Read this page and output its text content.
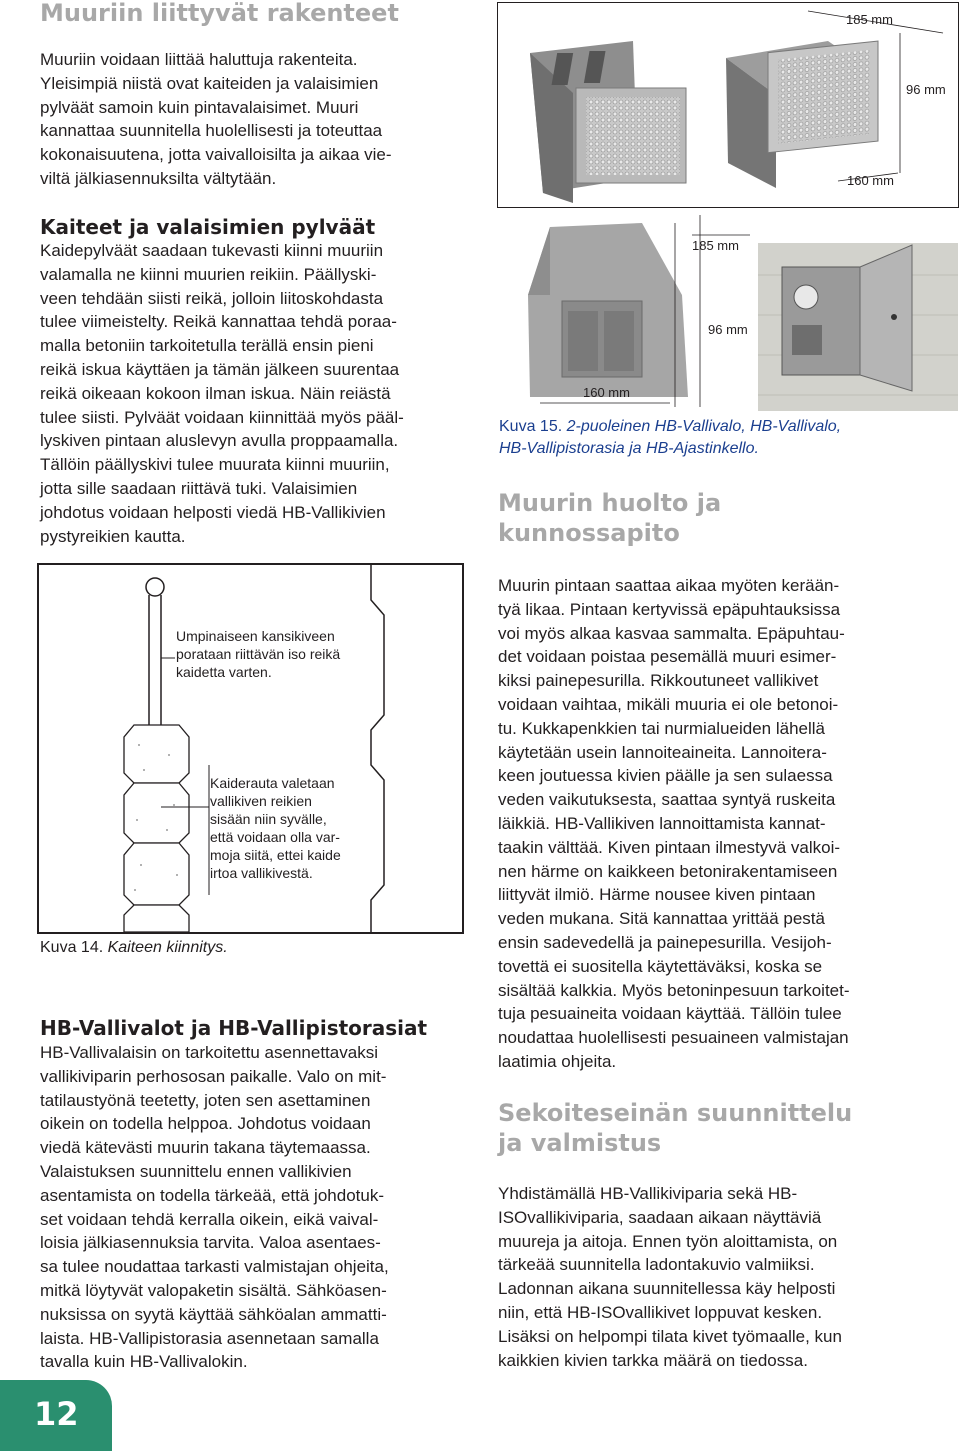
Muuriin liittyvät rakenteet
Muuriin voidaan liittää haluttuja rakenteita.
Yleisimpiä niistä ovat kaiteiden ja valaisimien
pylväät samoin kuin pintavalaisimet. Muuri
kannattaa suunnitella huolellisesti ja toteuttaa
kokonaisuutena, jotta vaivalloisilta ja aikaa vie-
viltä jälkiasennuksilta vältytään.
Kaiteet ja valaisimien pylväät
Kaidepylväät saadaan tukevasti kiinni muuriin
valamalla ne kiinni muurien reikiin. Päällyski-
veen tehdään siisti reikä, jolloin liitoskohdasta
tulee viimeistelty. Reikä kannattaa tehdä poraa-
malla betoniin tarkoitetulla terällä ensin pieni
reikä iskua käyttäen ja tämän jälkeen suurentaa
reikä oikeaan kokoon ilman iskua. Näin reiästä
tulee siisti. Pylväät voidaan kiinnittää myös pääl-
lyskiven pintaan aluslevyn avulla proppaamalla.
Tällöin päällyskivi tulee muurata kiinni muuriin,
jotta sille saadaan riittävä tuki. Valaisimien
johdotus voidaan helposti viedä HB-Vallikivien
pystyreikien kautta.
Umpinaiseen kansikiveen
porataan riittävän iso reikä
kaidetta varten.
Kaiderauta valetaan
vallikiven reikien
sisään niin syvälle,
että voidaan olla var-
moja siitä, ettei kaide
irtoa vallikivestä.

Kuva 14. Kaiteen kiinnitys.

HB-Vallivalot ja HB-Vallipistorasiat
HB-Vallivalaisin on tarkoitettu asennettavaksi
vallikiviparin perhososan paikalle. Valo on mit-
tatilaustyönä teetetty, joten sen asettaminen
oikein on todella helppoa. Johdotus voidaan
viedä kätevästi muurin takana täytemaassa.
Valaistuksen suunnittelu ennen vallikivien
asentamista on todella tärkeää, että johdotuk-
set voidaan tehdä kerralla oikein, eikä vaival-
loisia jälkiasennuksia tarvita. Valoa asentaes-
sa tulee noudattaa tarkasti valmistajan ohjeita,
mitkä löytyvät valopaketin sisältä. Sähköasen-
nuksissa on syytä käyttää sähköalan ammatti-
laista. HB-Vallipistorasia asennetaan samalla
tavalla kuin HB-Vallivalokin.
185 mm
96 mm
160 mm
185 mm
96 mm
160 mm

Kuva 15. 2-puoleinen HB-Vallivalo, HB-Vallivalo,
HB-Vallipistorasia ja HB-Ajastinkello.

Muurin huolto ja
kunnossapito
Muurin pintaan saattaa aikaa myöten kerään-
tyä likaa. Pintaan kertyvissä epäpuhtauksissa
voi myös alkaa kasvaa sammalta. Epäpuhtau-
det voidaan poistaa pesemällä muuri esimer-
kiksi painepesurilla. Rikkoutuneet vallikivet
voidaan vaihtaa, mikäli muuria ei ole betonoi-
tu. Kukkapenkkien tai nurmialueiden lähellä
käytetään usein lannoiteaineita. Lannoitera-
keen joutuessa kivien päälle ja sen sulaessa
veden vaikutuksesta, saattaa syntyä ruskeita
läikkiä. HB-Vallikiven lannoittamista kannat-
taakin välttää. Kiven pintaan ilmestyvä valkoi-
nen härme on kaikkeen betonirakentamiseen
liittyvät ilmiö. Härme nousee kiven pintaan
veden mukana. Sitä kannattaa yrittää pestä
ensin sadevedellä ja painepesurilla. Vesijoh-
tovettä ei suositella käytettäväksi, koska se
sisältää kalkkia. Myös betoninpesuun tarkoitet-
tuja pesuaineita voidaan käyttää. Tällöin tulee
noudattaa huolellisesti pesuaineen valmistajan
laatimia ohjeita.
Sekoiteseinän suunnittelu
ja valmistus
Yhdistämällä HB-Vallikiviparia sekä HB-
ISOvallikiviparia, saadaan aikaan näyttäviä
muureja ja aitoja. Ennen työn aloittamista, on
tärkeää suunnitella ladontakuvio valmiiksi.
Ladonnan aikana suunnitellessa käy helposti
niin, että HB-ISOvallikivet loppuvat kesken.
Lisäksi on helpompi tilata kivet työmaalle, kun
kaikkien kivien tarkka määrä on tiedossa.
12
